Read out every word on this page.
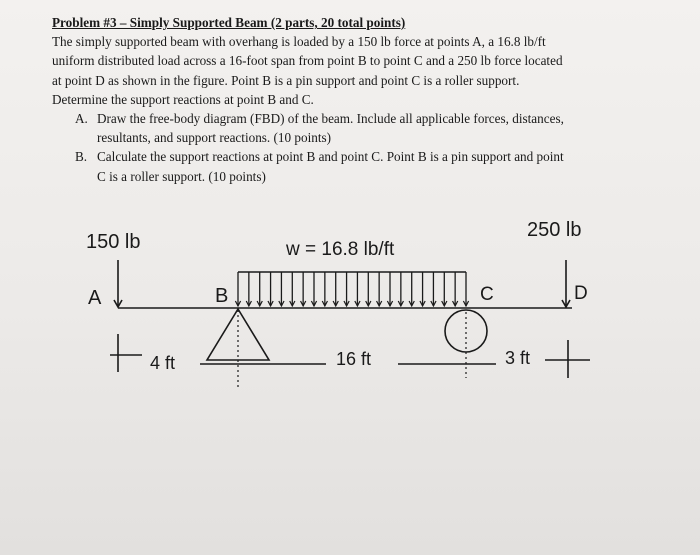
Problem #3 – Simply Supported Beam (2 parts, 20 total points)

The simply supported beam with overhang is loaded by a 150 lb force at points A, a 16.8 lb/ft

uniform distributed load across a 16-foot span from point B to point C and a 250 lb force located

at point D as shown in the figure. Point B is a pin support and point C is a roller support.

Determine the support reactions at point B and C.

A. Draw the free-body diagram (FBD) of the beam. Include all applicable forces, distances,
resultants, and support reactions. (10 points)
B. Calculate the support reactions at point B and point C. Point B is a pin support and point
C is a roller support. (10 points)
150 lb
250 lb
w = 16.8 lb/ft
A	B	C	D
4 ft	16 ft	3 ft
